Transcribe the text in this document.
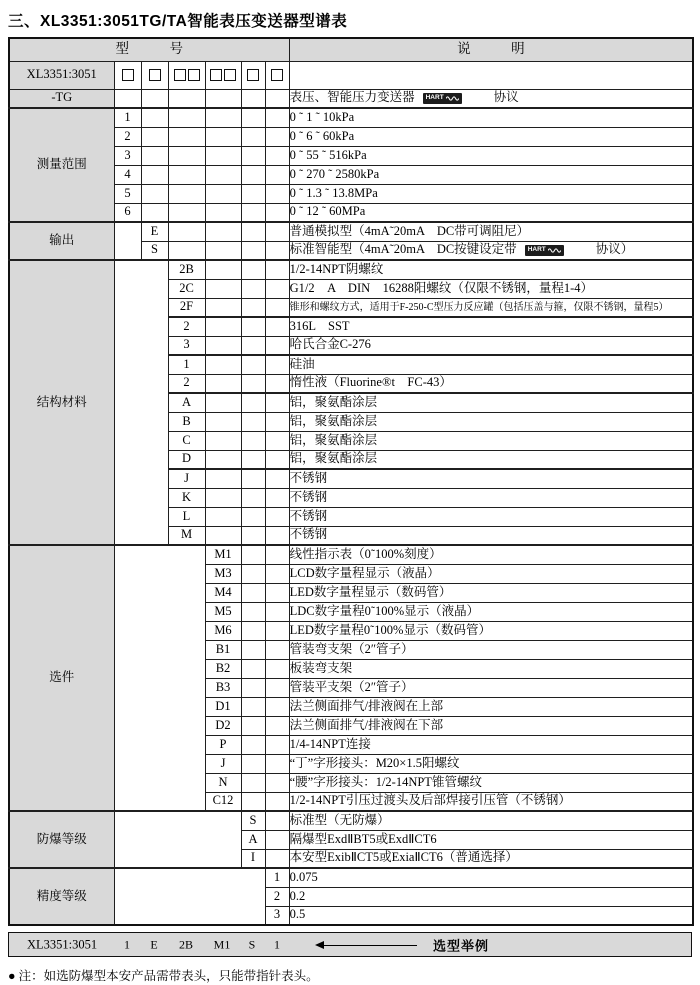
三、XL3351:3051TG/TA智能表压变送器型谱表
型　　　号							说　　　明
XL3351:3051							
-TG							表压、智能压力变送器 HART 协议
测量范围	1						0 ˜ 1 ˜ 10kPa
	2						0 ˜ 6 ˜ 60kPa
	3						0 ˜ 55 ˜ 516kPa
	4						0 ˜ 270 ˜ 2580kPa
	5						0 ˜ 1.3 ˜ 13.8MPa
	6						0 ˜ 12 ˜ 60MPa
输出		E					普通模拟型（4mA˜20mA　DC带可调阻尼）
		S					标准智能型（4mA˜20mA　DC按键设定带 HART 协议）
结构材料			2B				1/2-14NPT阴螺纹
			2C				G1/2　A　DIN　16288阳螺纹（仅限不锈钢，量程1-4）
			2F				锥形和螺纹方式，适用于F-250-C型压力反应罐（包括压盖与箍，仅限不锈钢，量程5）
			2				316L　SST
			3				哈氏合金C-276
			1				硅油
			2				惰性液（Fluorine®t　FC-43）
			A				铝，聚氨酯涂层
			B				铝，聚氨酯涂层
			C				铝，聚氨酯涂层
			D				铝，聚氨酯涂层
			J				不锈钢
			K				不锈钢
			L				不锈钢
			M				不锈钢
选件				M1			线性指示表（0˜100%刻度）
				M3			LCD数字量程显示（液晶）
				M4			LED数字量程显示（数码管）
				M5			LDC数字量程0˜100%显示（液晶）
				M6			LED数字量程0˜100%显示（数码管）
				B1			管装弯支架（2″管子）
				B2			板装弯支架
				B3			管装平支架（2″管子）
				D1			法兰侧面排气/排液阀在上部
				D2			法兰侧面排气/排液阀在下部
				P			1/4-14NPT连接
				J			“丁”字形接头：M20×1.5阳螺纹
				N			“腰”字形接头：1/2-14NPT锥管螺纹
				C12			1/2-14NPT引压过渡头及后部焊接引压管（不锈钢）
防爆等级					S		标准型（无防爆）
					A		隔爆型ExdⅡBT5或ExdⅡCT6
					I		本安型ExibⅡCT5或ExiaⅡCT6（普通选择）
精度等级						1	0.075
						2	0.2
						3	0.5
XL3351:3051 1 E 2B M1 S 1	选型举例
● 注：如选防爆型本安产品需带表头，只能带指针表头。
